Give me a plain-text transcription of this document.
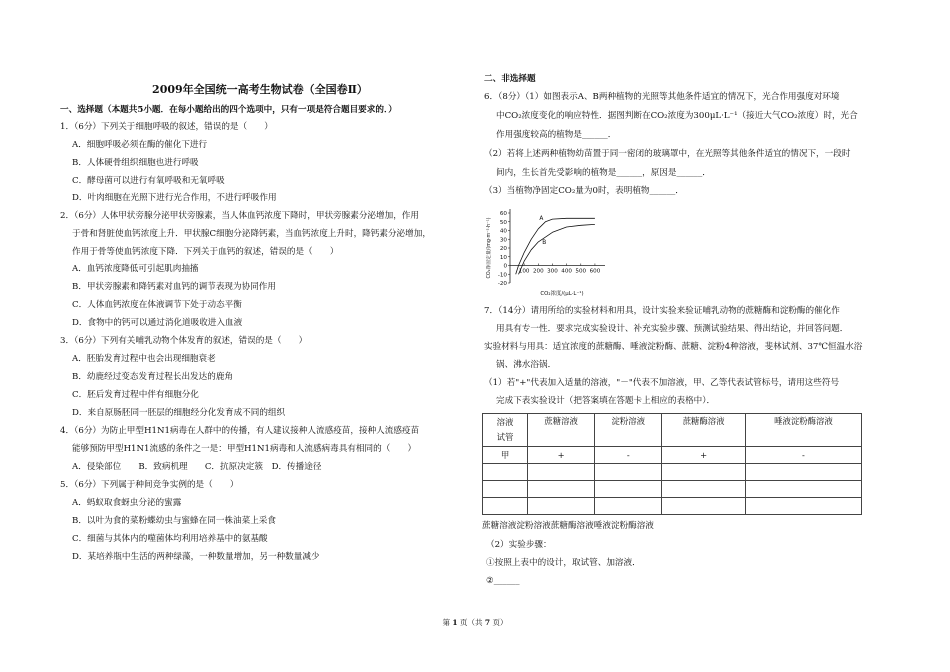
2009年全国统一高考生物试卷（全国卷Ⅱ）
一、选择题（本题共5小题．在每小题给出的四个选项中，只有一项是符合题目要求的．）
1．（6分）下列关于细胞呼吸的叙述，错误的是（　　）
A．细胞呼吸必须在酶的催化下进行
B．人体硬骨组织细胞也进行呼吸
C．酵母菌可以进行有氧呼吸和无氧呼吸
D．叶肉细胞在光照下进行光合作用，不进行呼吸作用
2．（6分）人体甲状旁腺分泌甲状旁腺素，当人体血钙浓度下降时，甲状旁腺素分泌增加，作用
于骨和肾脏使血钙浓度上升．甲状腺C细胞分泌降钙素，当血钙浓度上升时，降钙素分泌增加，
作用于骨等使血钙浓度下降．下列关于血钙的叙述，错误的是（　　）
A．血钙浓度降低可引起肌肉抽搐
B．甲状旁腺素和降钙素对血钙的调节表现为协同作用
C．人体血钙浓度在体液调节下处于动态平衡
D．食物中的钙可以通过消化道吸收进入血液
3．（6分）下列有关哺乳动物个体发育的叙述，错误的是（　　）
A．胚胎发育过程中也会出现细胞衰老
B．幼鹿经过变态发育过程长出发达的鹿角
C．胚后发育过程中伴有细胞分化
D．来自原肠胚同一胚层的细胞经分化发育成不同的组织
4．（6分）为防止甲型H1N1病毒在人群中的传播，有人建议接种人流感疫苗，接种人流感疫苗
能够预防甲型H1N1流感的条件之一是：甲型H1N1病毒和人流感病毒具有相同的（　　）
A．侵染部位　　B．致病机理　　C．抗原决定簇　D．传播途径
5．（6分）下列属于种间竞争实例的是（　　）
A．蚂蚁取食蚜虫分泌的蜜露
B．以叶为食的菜粉蝶幼虫与蜜蜂在同一株油菜上采食
C．细菌与其体内的噬菌体均利用培养基中的氨基酸
D．某培养瓶中生活的两种绿藻，一种数量增加，另一种数量减少
二、非选择题
6．（8分）（1）如图表示A、B两种植物的光照等其他条件适宜的情况下，光合作用强度对环境
中CO₂浓度变化的响应特性．据图判断在CO₂浓度为300μL·L⁻¹（接近大气CO₂浓度）时，光合
作用强度较高的植物是______．
（2）若将上述两种植物幼苗置于同一密闭的玻璃罩中，在光照等其他条件适宜的情况下，一段时
间内，生长首先受影响的植物是______，原因是______．
（3）当植物净固定CO₂量为0时，表明植物______．
60
50
40
30
20
10
0
-10
-20
100 200 300 400 500 600
A
B
CO₂浓度/(μL·L⁻¹)
CO₂净固定量/(mg·m⁻²·h⁻¹)
7．（14分）请用所给的实验材料和用具，设计实验来验证哺乳动物的蔗糖酶和淀粉酶的催化作
用具有专一性．要求完成实验设计、补充实验步骤、预测试验结果、得出结论，并回答问题．
实验材料与用具：适宜浓度的蔗糖酶、唾液淀粉酶、蔗糖、淀粉4种溶液，斐林试剂、37℃恒温水浴
锅、沸水浴锅．
（1）若"+"代表加入适量的溶液，"－"代表不加溶液，甲、乙等代表试管标号，请用这些符号
完成下表实验设计（把答案填在答题卡上相应的表格中）．
溶液
试管	蔗糖溶液	淀粉溶液	蔗糖酶溶液	唾液淀粉酶溶液
甲	+	-	+	-

蔗糖溶液淀粉溶液蔗糖酶溶液唾液淀粉酶溶液
（2）实验步骤：
①按照上表中的设计，取试管、加溶液．
②______
第 1 页（共 7 页）
